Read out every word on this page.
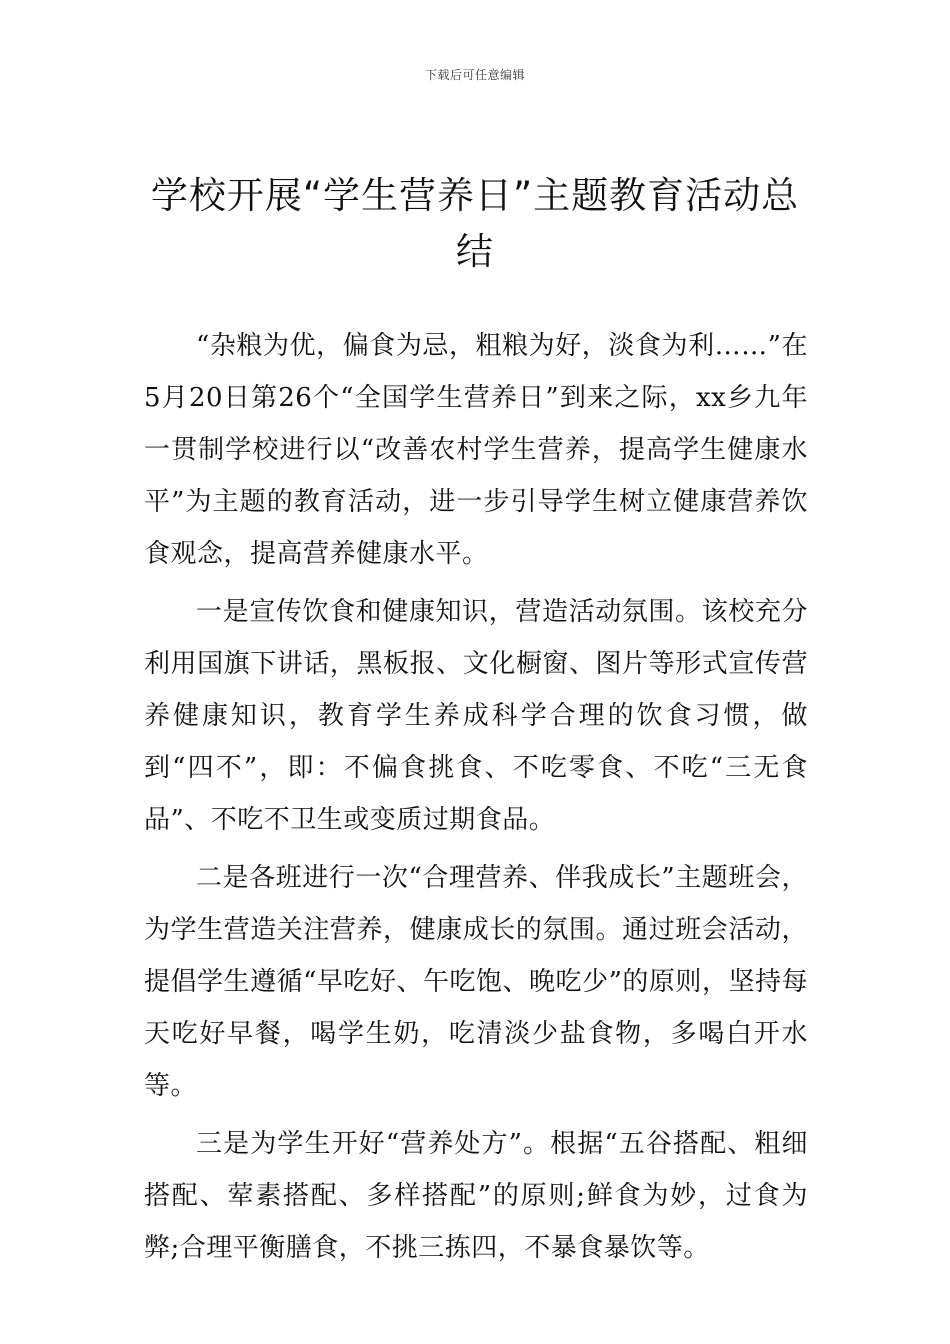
下载后可任意编辑
学校开展“学生营养日”主题教育活动总结

“杂粮为优，偏食为忌，粗粮为好，淡食为利……”在5月20日第26个“全国学生营养日”到来之际，xx乡九年一贯制学校进行以“改善农村学生营养，提高学生健康水平”为主题的教育活动，进一步引导学生树立健康营养饮食观念，提高营养健康水平。

一是宣传饮食和健康知识，营造活动氛围。该校充分利用国旗下讲话，黑板报、文化橱窗、图片等形式宣传营养健康知识，教育学生养成科学合理的饮食习惯，做到“四不”，即：不偏食挑食、不吃零食、不吃“三无食品”、不吃不卫生或变质过期食品。

二是各班进行一次“合理营养、伴我成长”主题班会，为学生营造关注营养，健康成长的氛围。通过班会活动，提倡学生遵循“早吃好、午吃饱、晚吃少”的原则，坚持每天吃好早餐，喝学生奶，吃清淡少盐食物，多喝白开水等。

三是为学生开好“营养处方”。根据“五谷搭配、粗细搭配、荤素搭配、多样搭配”的原则;鲜食为妙，过食为弊;合理平衡膳食，不挑三拣四，不暴食暴饮等。
